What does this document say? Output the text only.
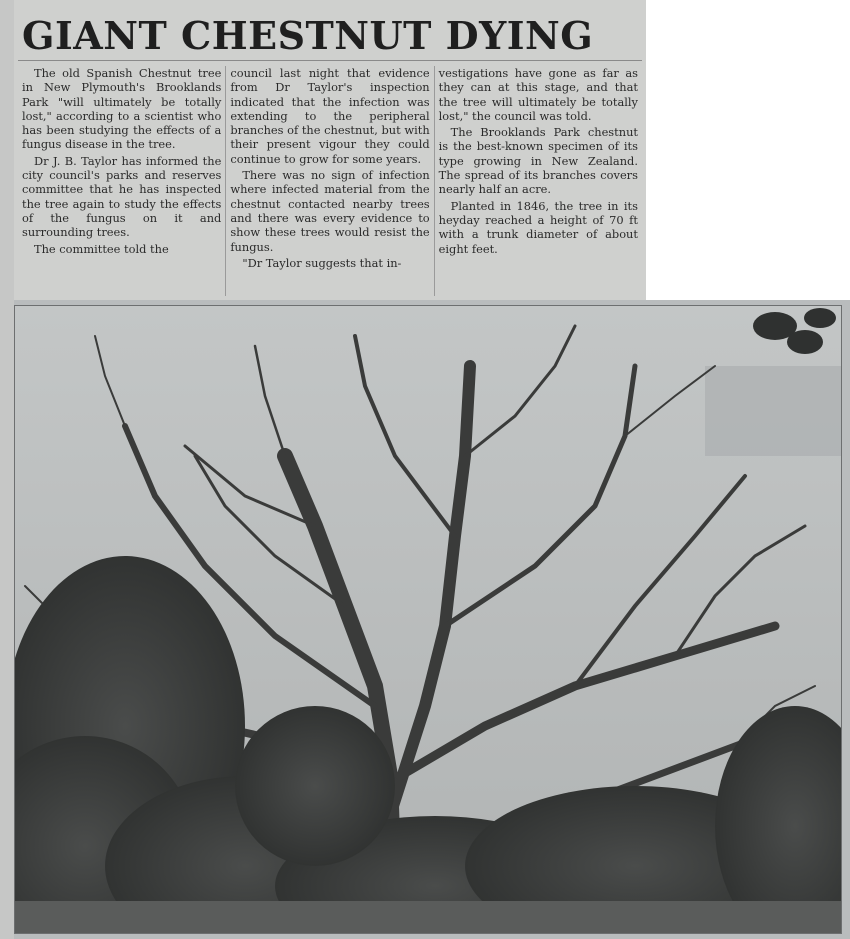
GIANT CHESTNUT DYING

The old Spanish Chestnut tree in New Plymouth's Brooklands Park "will ultimately be totally lost," according to a scientist who has been studying the effects of a fungus disease in the tree.

Dr J. B. Taylor has informed the city council's parks and reserves committee that he has inspected the tree again to study the effects of the fungus on it and surrounding trees.

The committee told the

council last night that evidence from Dr Taylor's inspection indicated that the infection was extending to the peripheral branches of the chestnut, but with their present vigour they could continue to grow for some years.

There was no sign of infection where infected material from the chestnut contacted nearby trees and there was every evidence to show these trees would resist the fungus.

"Dr Taylor suggests that in-

vestigations have gone as far as they can at this stage, and that the tree will ultimately be totally lost," the council was told.

The Brooklands Park chestnut is the best-known specimen of its type growing in New Zealand. The spread of its branches covers nearly half an acre.

Planted in 1846, the tree in its heyday reached a height of 70 ft with a trunk diameter of about eight feet.
